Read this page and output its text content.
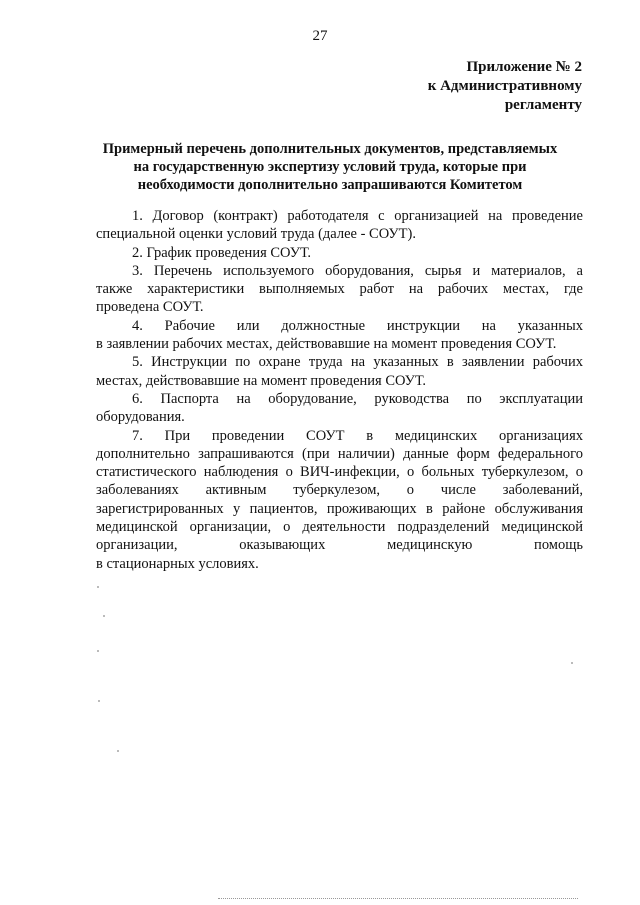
27
Приложение № 2
к Административному
регламенту
Примерный перечень дополнительных документов, представляемых
на государственную экспертизу условий труда, которые при
необходимости дополнительно запрашиваются Комитетом
1. Договор (контракт) работодателя с организацией на проведение
специальной оценки условий труда (далее - СОУТ).
2. График проведения СОУТ.
3. Перечень используемого оборудования, сырья и материалов, а
также характеристики выполняемых работ на рабочих местах, где
проведена СОУТ.
4. Рабочие или должностные инструкции на указанных
в заявлении рабочих местах, действовавшие на момент проведения СОУТ.
5. Инструкции по охране труда на указанных в заявлении рабочих
местах, действовавшие на момент проведения СОУТ.
6. Паспорта на оборудование, руководства по эксплуатации
оборудования.
7. При проведении СОУТ в медицинских организациях
дополнительно запрашиваются (при наличии) данные форм федерального
статистического наблюдения о ВИЧ-инфекции, о больных туберкулезом, о
заболеваниях активным туберкулезом, о числе заболеваний,
зарегистрированных у пациентов, проживающих в районе обслуживания
медицинской организации, о деятельности подразделений медицинской
организации, оказывающих медицинскую помощь
в стационарных условиях.
